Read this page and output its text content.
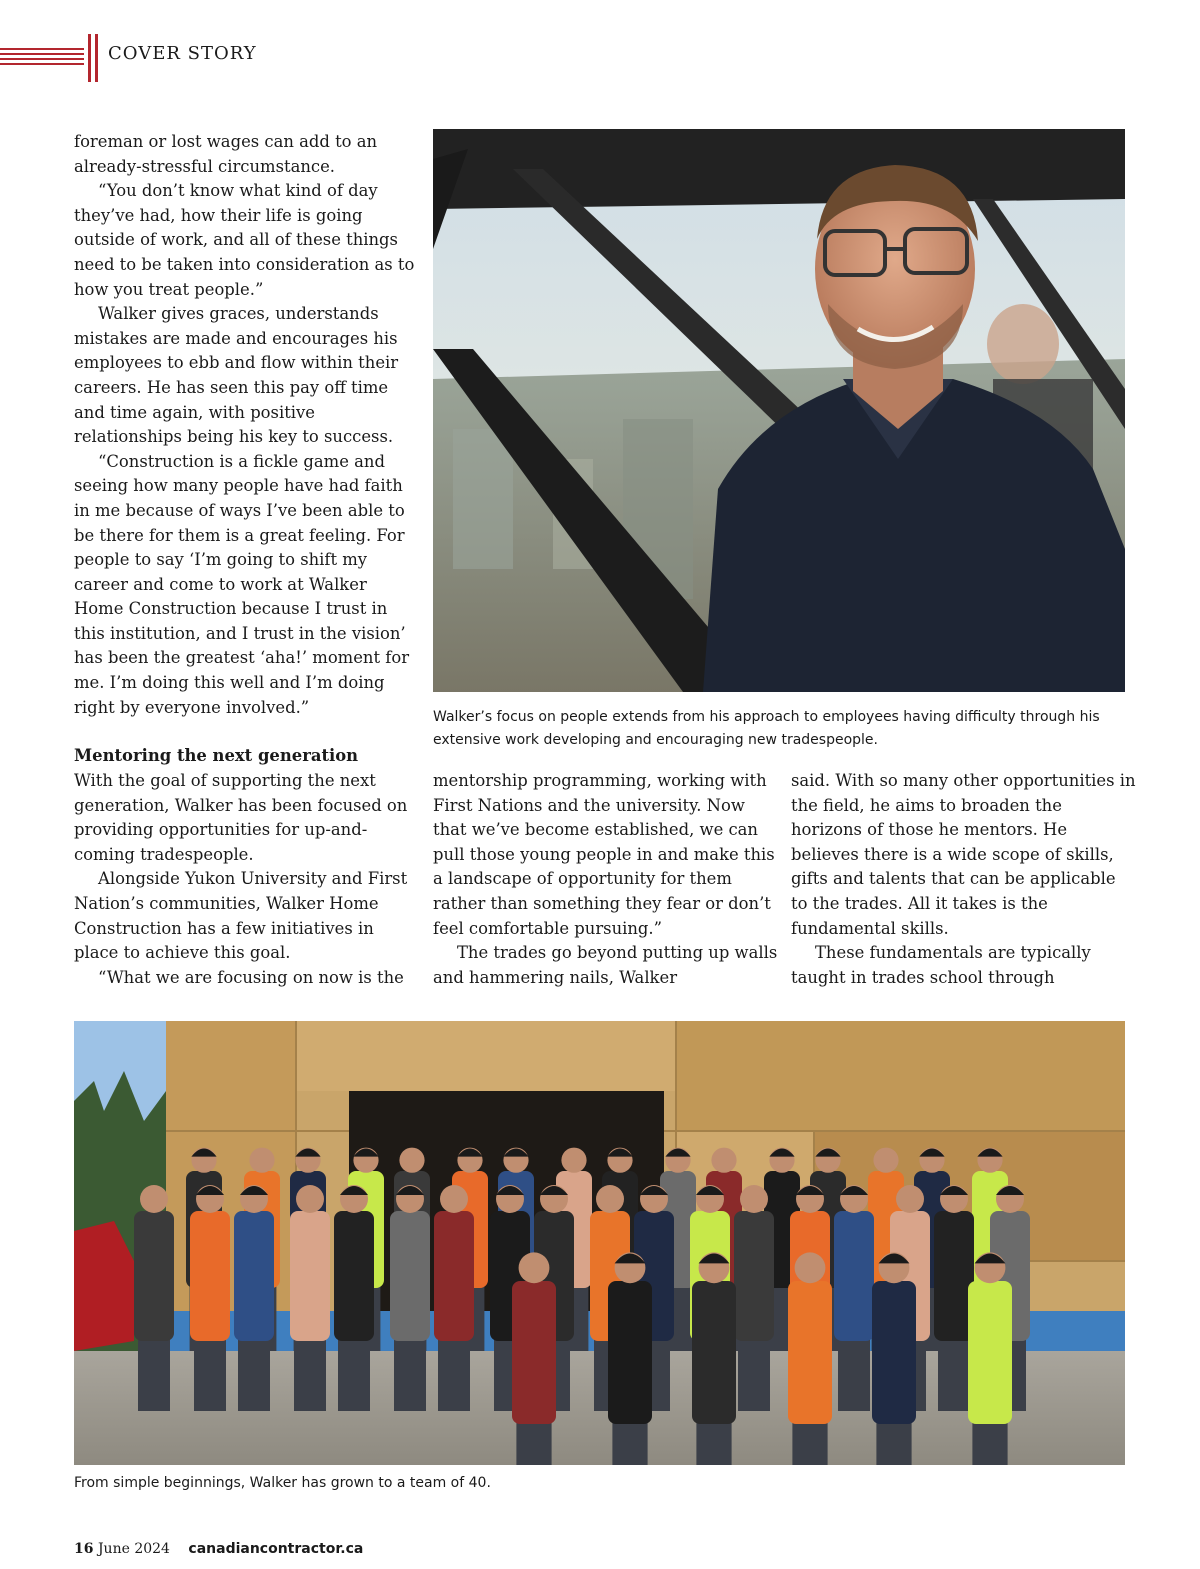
COVER STORY

foreman or lost wages can add to an already-stressful circumstance.

“You don’t know what kind of day they’ve had, how their life is going outside of work, and all of these things need to be taken into consideration as to how you treat people.”

Walker gives graces, understands mistakes are made and encourages his employees to ebb and flow within their careers. He has seen this pay off time and time again, with positive relationships being his key to success.

“Construction is a fickle game and seeing how many people have had faith in me because of ways I’ve been able to be there for them is a great feeling. For people to say ‘I’m going to shift my career and come to work at Walker Home Construction because I trust in this institution, and I trust in the vision’ has been the greatest ‘aha!’ moment for me. I’m doing this well and I’m doing right by everyone involved.”

Mentoring the next generation

Walker’s focus on people extends from his approach to employees having difficulty through his extensive work developing and encouraging new tradespeople.

With the goal of supporting the next generation, Walker has been focused on providing opportunities for up-and-coming tradespeople.

Alongside Yukon University and First Nation’s communities, Walker Home Construction has a few initiatives in place to achieve this goal.

“What we are focusing on now is the

mentorship programming, working with First Nations and the university. Now that we’ve become established, we can pull those young people in and make this a landscape of opportunity for them rather than something they fear or don’t feel comfortable pursuing.”

The trades go beyond putting up walls and hammering nails, Walker

said. With so many other opportunities in the field, he aims to broaden the horizons of those he mentors. He believes there is a wide scope of skills, gifts and talents that can be applicable to the trades. All it takes is the fundamental skills.

These fundamentals are typically taught in trades school through

From simple beginnings, Walker has grown to a team of 40.
16 June 2024 canadiancontractor.ca
